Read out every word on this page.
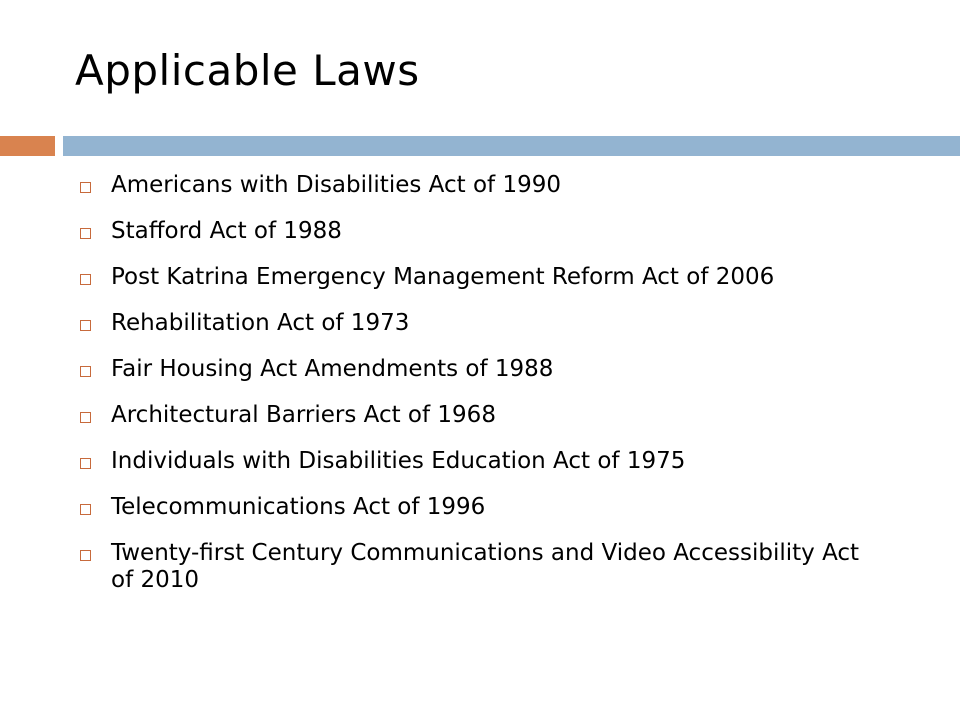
Applicable Laws
Americans with Disabilities Act of 1990
Stafford Act of 1988
Post Katrina Emergency Management Reform Act of 2006
Rehabilitation Act of 1973
Fair Housing Act Amendments of 1988
Architectural Barriers Act of 1968
Individuals with Disabilities Education Act of 1975
Telecommunications Act of 1996
Twenty-first Century Communications and Video Accessibility Act of 2010
